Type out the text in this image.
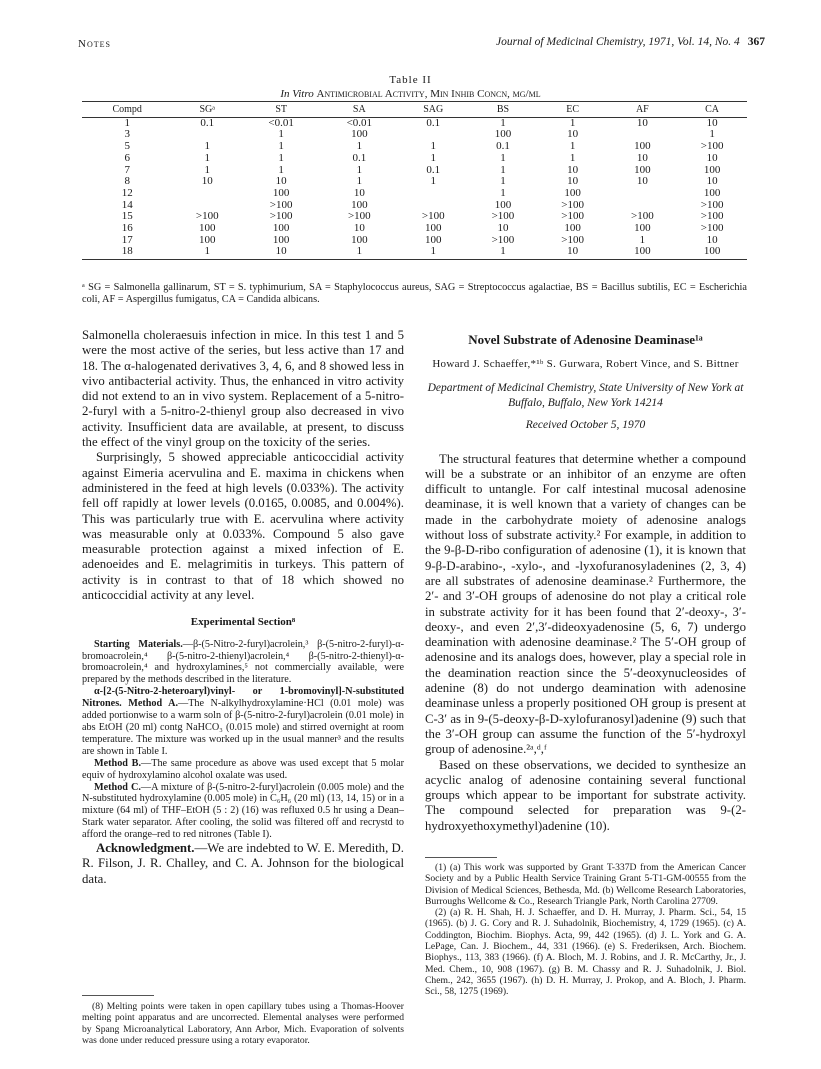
Notes	Journal of Medicinal Chemistry, 1971, Vol. 14, No. 4 367
Table II
In Vitro Antimicrobial Activity, Min Inhib Concn, μg/ml
Compd	SGᵃ	ST	SA	SAG	BS	EC	AF	CA
1	0.1	<0.01	<0.01	0.1	1	1	10	10
3		1	100		100	10		1
5	1	1	1	1	0.1	1	100	>100
6	1	1	0.1	1	1	1	10	10
7	1	1	1	0.1	1	10	100	100
8	10	10	1	1	1	10	10	10
12		100	10		1	100		100
14		>100	100		100	>100		>100
15	>100	>100	>100	>100	>100	>100	>100	>100
16	100	100	10	100	10	100	100	>100
17	100	100	100	100	>100	>100	1	10
18	1	10	1	1	1	10	100	100
ᵃ SG = Salmonella gallinarum, ST = S. typhimurium, SA = Staphylococcus aureus, SAG = Streptococcus agalactiae, BS = Bacillus subtilis, EC = Escherichia coli, AF = Aspergillus fumigatus, CA = Candida albicans.

Salmonella choleraesuis infection in mice. In this test 1 and 5 were the most active of the series, but less active than 17 and 18. The α-halogenated derivatives 3, 4, 6, and 8 showed less in vivo antibacterial activity. Thus, the enhanced in vitro activity did not extend to an in vivo system. Replacement of a 5-nitro-2-furyl with a 5-nitro-2-thienyl group also decreased in vivo activity. Insufficient data are available, at present, to discuss the effect of the vinyl group on the toxicity of the series.

Surprisingly, 5 showed appreciable anticoccidial activity against Eimeria acervulina and E. maxima in chickens when administered in the feed at high levels (0.033%). The activity fell off rapidly at lower levels (0.0165, 0.0085, and 0.004%). This was particularly true with E. acervulina where activity was measurable only at 0.033%. Compound 5 also gave measurable protection against a mixed infection of E. adenoeides and E. melagrimitis in turkeys. This pattern of activity is in contrast to that of 18 which showed no anticoccidial activity at any level.

Experimental Section⁸

Starting Materials.—β-(5-Nitro-2-furyl)acrolein,³ β-(5-nitro-2-furyl)-α-bromoacrolein,⁴ β-(5-nitro-2-thienyl)acrolein,⁴ β-(5-nitro-2-thienyl)-α-bromoacrolein,⁴ and hydroxylamines,⁵ not commercially available, were prepared by the methods described in the literature.

α-[2-(5-Nitro-2-heteroaryl)vinyl- or 1-bromovinyl]-N-substituted Nitrones. Method A.—The N-alkylhydroxylamine·HCl (0.01 mole) was added portionwise to a warm soln of β-(5-nitro-2-furyl)acrolein (0.01 mole) in abs EtOH (20 ml) contg NaHCO₃ (0.015 mole) and stirred overnight at room temperature. The mixture was worked up in the usual manner³ and the results are shown in Table I.

Method B.—The same procedure as above was used except that 5 molar equiv of hydroxylamino alcohol oxalate was used.

Method C.—A mixture of β-(5-nitro-2-furyl)acrolein (0.005 mole) and the N-substituted hydroxylamine (0.005 mole) in C₆H₆ (20 ml) (13, 14, 15) or in a mixture (64 ml) of THF–EtOH (5 : 2) (16) was refluxed 0.5 hr using a Dean–Stark water separator. After cooling, the solid was filtered off and recrystd to afford the orange–red to red nitrones (Table I).

Acknowledgment.—We are indebted to W. E. Meredith, D. R. Filson, J. R. Challey, and C. A. Johnson for the biological data.

(8) Melting points were taken in open capillary tubes using a Thomas-Hoover melting point apparatus and are uncorrected. Elemental analyses were performed by Spang Microanalytical Laboratory, Ann Arbor, Mich. Evaporation of solvents was done under reduced pressure using a rotary evaporator.

Novel Substrate of Adenosine Deaminase¹ᵃ
Howard J. Schaeffer,*¹ᵇ S. Gurwara, Robert Vince, and S. Bittner
Department of Medicinal Chemistry, State University of New York at Buffalo, Buffalo, New York 14214
Received October 5, 1970

The structural features that determine whether a compound will be a substrate or an inhibitor of an enzyme are often difficult to untangle. For calf intestinal mucosal adenosine deaminase, it is well known that a variety of changes can be made in the carbohydrate moiety of adenosine analogs without loss of substrate activity.² For example, in addition to the 9-β-D-ribo configuration of adenosine (1), it is known that 9-β-D-arabino-, -xylo-, and -lyxofuranosyladenines (2, 3, 4) are all substrates of adenosine deaminase.² Furthermore, the 2′- and 3′-OH groups of adenosine do not play a critical role in substrate activity for it has been found that 2′-deoxy-, 3′-deoxy-, and even 2′,3′-dideoxyadenosine (5, 6, 7) undergo deamination with adenosine deaminase.² The 5′-OH group of adenosine and its analogs does, however, play a special role in the deamination reaction since the 5′-deoxynucleosides of adenine (8) do not undergo deamination with adenosine deaminase unless a properly positioned OH group is present at C-3′ as in 9-(5-deoxy-β-D-xylofuranosyl)adenine (9) such that the 3′-OH group can assume the function of the 5′-hydroxyl group of adenosine.²ᵃ,ᵈ,ᶠ

Based on these observations, we decided to synthesize an acyclic analog of adenosine containing several functional groups which appear to be important for substrate activity. The compound selected for preparation was 9-(2-hydroxyethoxymethyl)adenine (10).

(1) (a) This work was supported by Grant T-337D from the American Cancer Society and by a Public Health Service Training Grant 5-T1-GM-00555 from the Division of Medical Sciences, Bethesda, Md. (b) Wellcome Research Laboratories, Burroughs Wellcome & Co., Research Triangle Park, North Carolina 27709.

(2) (a) R. H. Shah, H. J. Schaeffer, and D. H. Murray, J. Pharm. Sci., 54, 15 (1965). (b) J. G. Cory and R. J. Suhadolnik, Biochemistry, 4, 1729 (1965). (c) A. Coddington, Biochim. Biophys. Acta, 99, 442 (1965). (d) J. L. York and G. A. LePage, Can. J. Biochem., 44, 331 (1966). (e) S. Frederiksen, Arch. Biochem. Biophys., 113, 383 (1966). (f) A. Bloch, M. J. Robins, and J. R. McCarthy, Jr., J. Med. Chem., 10, 908 (1967). (g) B. M. Chassy and R. J. Suhadolnik, J. Biol. Chem., 242, 3655 (1967). (h) D. H. Murray, J. Prokop, and A. Bloch, J. Pharm. Sci., 58, 1275 (1969).
